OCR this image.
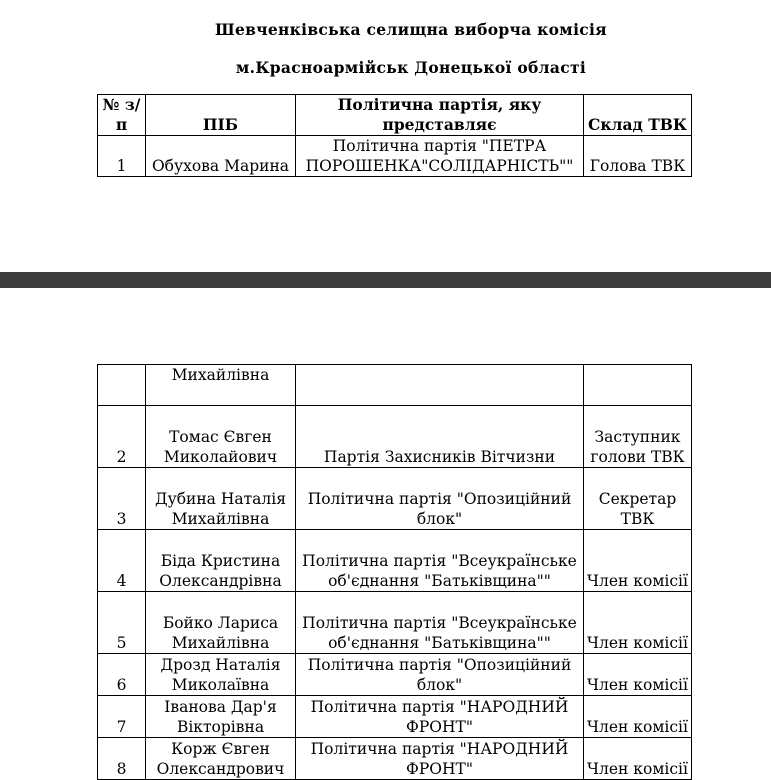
Шевченківська селищна виборча комісія
м.Красноармійськ Донецької області
№ з/п	ПІБ	Політична партія, яку представляє	Склад ТВК
1	Обухова Марина	Політична партія "ПЕТРА ПОРОШЕНКА"СОЛІДАРНІСТЬ""	Голова ТВК
	Михайлівна		
2	Томас Євген Миколайович	Партія Захисників Вітчизни	Заступник голови ТВК
3	Дубина Наталія Михайлівна	Політична партія "Опозиційний блок"	Секретар ТВК
4	Біда Кристина Олександрівна	Політична партія "Всеукраїнське об'єднання "Батьківщина""	Член комісії
5	Бойко Лариса Михайлівна	Політична партія "Всеукраїнське об'єднання "Батьківщина""	Член комісії
6	Дрозд Наталія Миколаївна	Політична партія "Опозиційний блок"	Член комісії
7	Іванова Дар'я Вікторівна	Політична партія "НАРОДНИЙ ФРОНТ"	Член комісії
8	Корж Євген Олександрович	Політична партія "НАРОДНИЙ ФРОНТ"	Член комісії
